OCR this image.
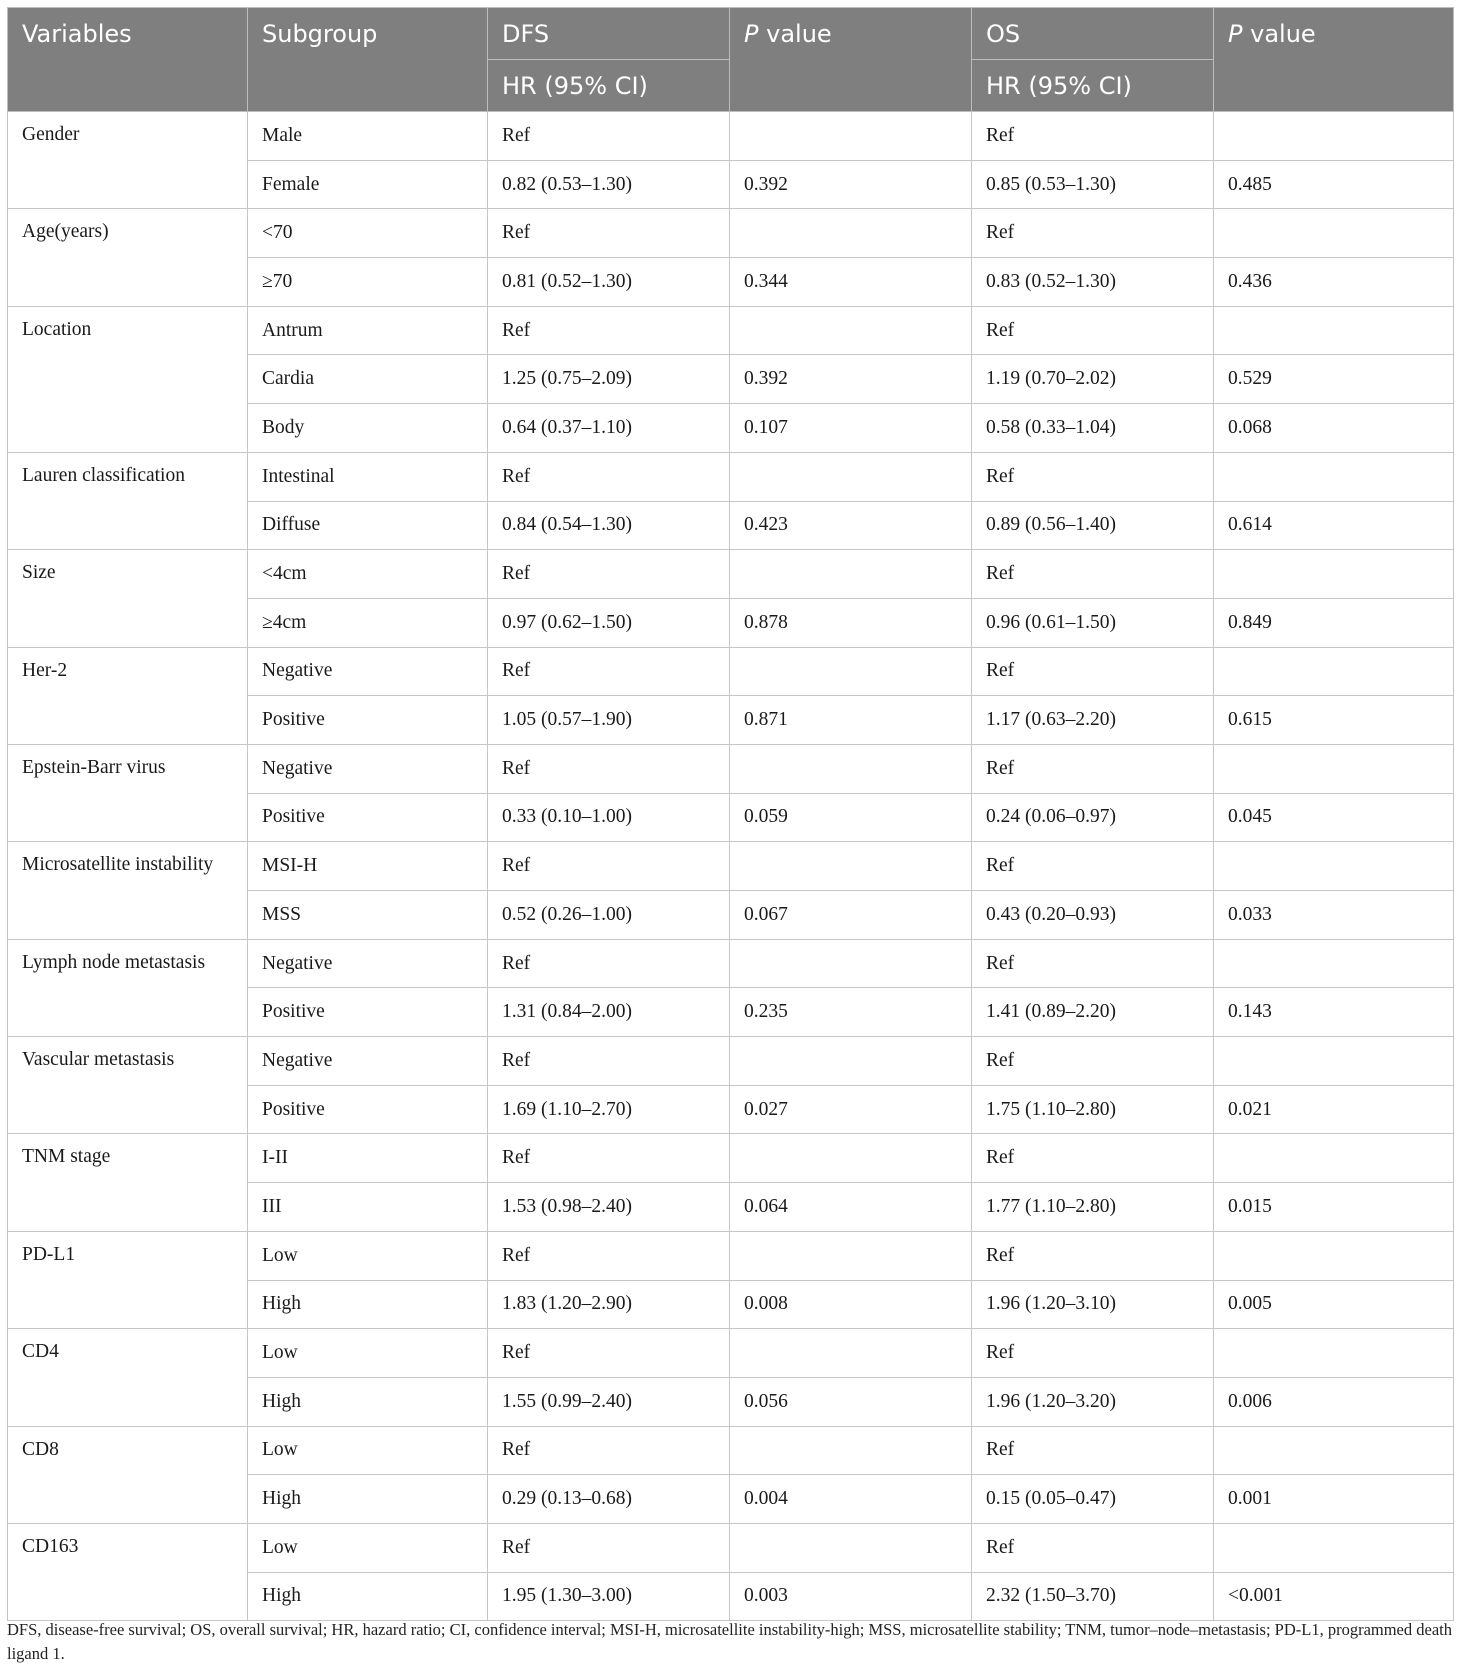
Variables	Subgroup	DFS	P value	OS	P value
		HR (95% CI)		HR (95% CI)	
Gender	Male	Ref		Ref	
	Female	0.82 (0.53–1.30)	0.392	0.85 (0.53–1.30)	0.485
Age(years)	<70	Ref		Ref	
	≥70	0.81 (0.52–1.30)	0.344	0.83 (0.52–1.30)	0.436
Location	Antrum	Ref		Ref	
	Cardia	1.25 (0.75–2.09)	0.392	1.19 (0.70–2.02)	0.529
	Body	0.64 (0.37–1.10)	0.107	0.58 (0.33–1.04)	0.068
Lauren classification	Intestinal	Ref		Ref	
	Diffuse	0.84 (0.54–1.30)	0.423	0.89 (0.56–1.40)	0.614
Size	<4cm	Ref		Ref	
	≥4cm	0.97 (0.62–1.50)	0.878	0.96 (0.61–1.50)	0.849
Her-2	Negative	Ref		Ref	
	Positive	1.05 (0.57–1.90)	0.871	1.17 (0.63–2.20)	0.615
Epstein-Barr virus	Negative	Ref		Ref	
	Positive	0.33 (0.10–1.00)	0.059	0.24 (0.06–0.97)	0.045
Microsatellite instability	MSI-H	Ref		Ref	
	MSS	0.52 (0.26–1.00)	0.067	0.43 (0.20–0.93)	0.033
Lymph node metastasis	Negative	Ref		Ref	
	Positive	1.31 (0.84–2.00)	0.235	1.41 (0.89–2.20)	0.143
Vascular metastasis	Negative	Ref		Ref	
	Positive	1.69 (1.10–2.70)	0.027	1.75 (1.10–2.80)	0.021
TNM stage	I-II	Ref		Ref	
	III	1.53 (0.98–2.40)	0.064	1.77 (1.10–2.80)	0.015
PD-L1	Low	Ref		Ref	
	High	1.83 (1.20–2.90)	0.008	1.96 (1.20–3.10)	0.005
CD4	Low	Ref		Ref	
	High	1.55 (0.99–2.40)	0.056	1.96 (1.20–3.20)	0.006
CD8	Low	Ref		Ref	
	High	0.29 (0.13–0.68)	0.004	0.15 (0.05–0.47)	0.001
CD163	Low	Ref		Ref	
	High	1.95 (1.30–3.00)	0.003	2.32 (1.50–3.70)	<0.001
DFS, disease-free survival; OS, overall survival; HR, hazard ratio; CI, confidence interval; MSI-H, microsatellite instability-high; MSS, microsatellite stability; TNM, tumor–node–metastasis; PD-L1, programmed death ligand 1.
